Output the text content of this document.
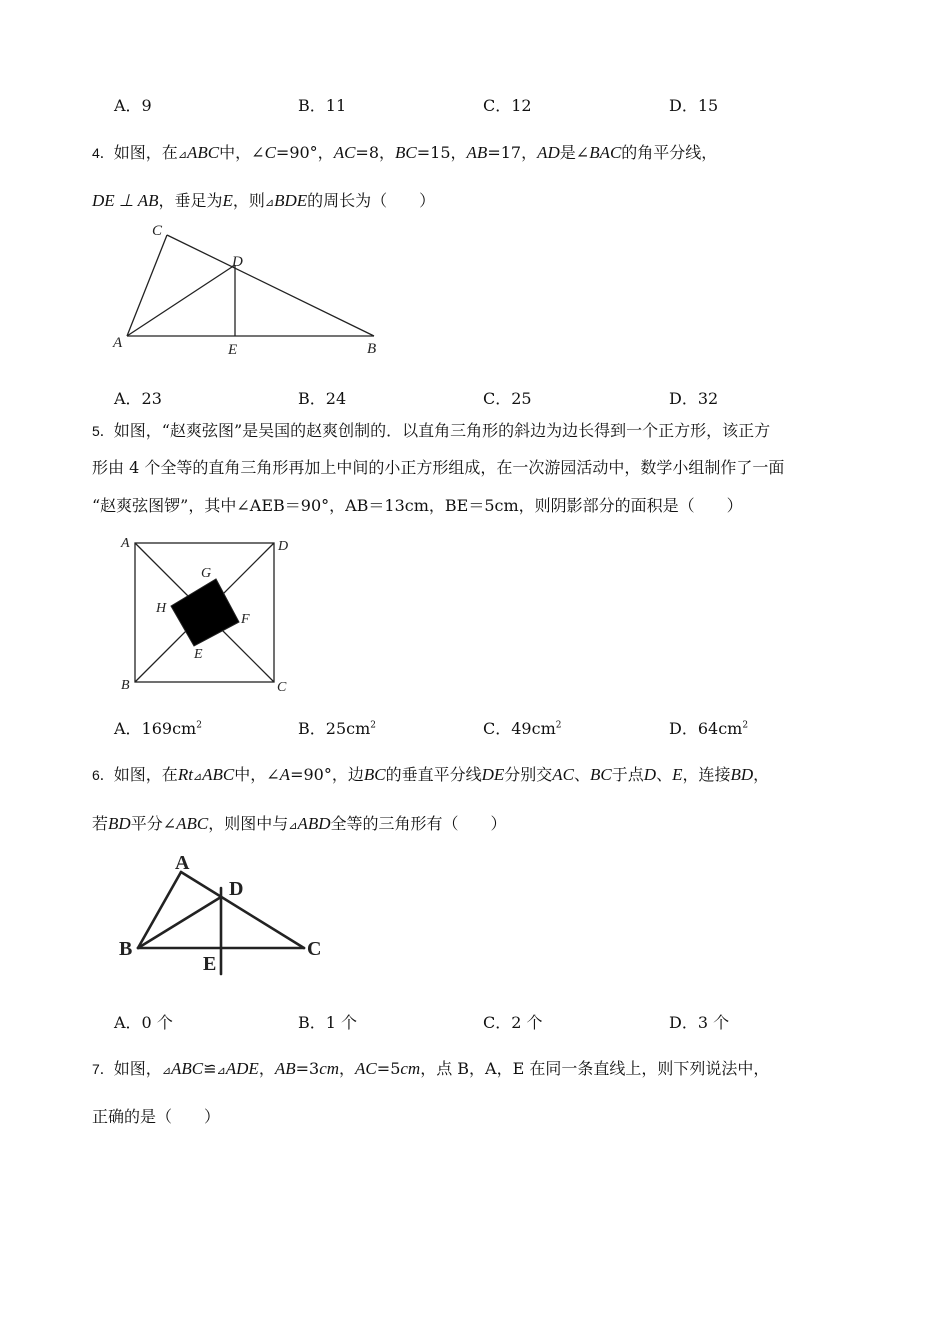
A．9	B．11	C．12	D．15
4．如图，在⊿ABC中，∠C=90°，AC=8，BC=15，AB=17，AD是∠BAC的角平分线，
DE ⊥ AB，垂足为E，则⊿BDE的周长为（　　）
C
D
A	E	B
A．23	B．24	C．25	D．32
5．如图，“赵爽弦图”是吴国的赵爽创制的．以直角三角形的斜边为边长得到一个正方形，该正方
形由 4 个全等的直角三角形再加上中间的小正方形组成，在一次游园活动中，数学小组制作了一面
“赵爽弦图锣”，其中∠AEB＝90°，AB＝13cm，BE＝5cm，则阴影部分的面积是（　　）
A	D
G
H
F
E
B	C
A．$169cm^2$	B．$25cm^2$	C．$49cm^2$	D．$64cm^2$
6．如图，在Rt⊿ABC中，∠A=90°，边BC的垂直平分线DE分别交AC、BC于点D、E，连接BD，
若BD平分∠ABC，则图中与⊿ABD全等的三角形有（　　）
A
D
B
E
C
A．0 个	B．1 个	C．2 个	D．3 个
7．如图，⊿ABC≌⊿ADE，AB=3cm，AC=5cm，点 B，A，E 在同一条直线上，则下列说法中，
正确的是（　　）
